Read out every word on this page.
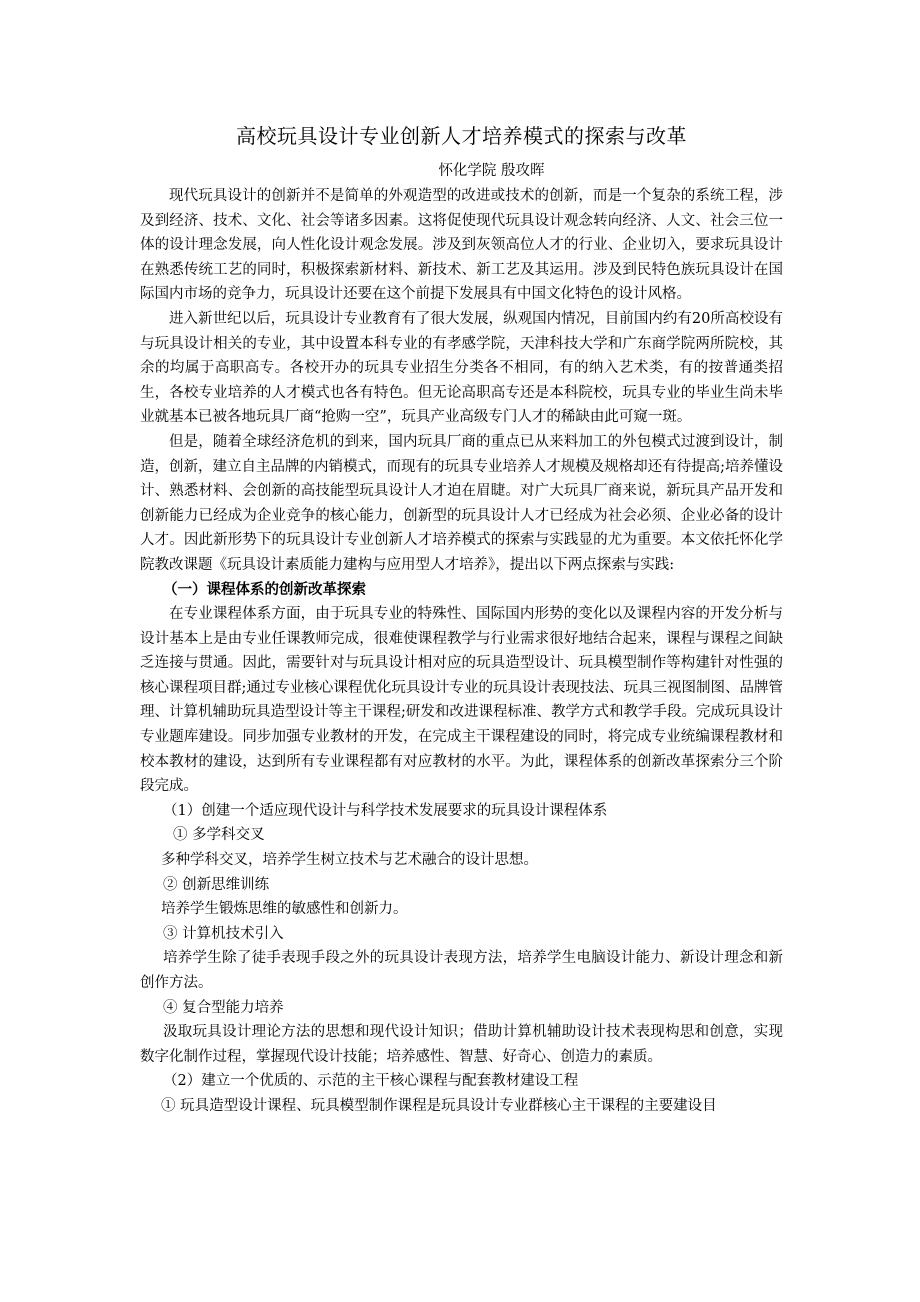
高校玩具设计专业创新人才培养模式的探索与改革
怀化学院 殷攻晖

现代玩具设计的创新并不是简单的外观造型的改进或技术的创新，而是一个复杂的系统工程，涉及到经济、技术、文化、社会等诸多因素。这将促使现代玩具设计观念转向经济、人文、社会三位一体的设计理念发展，向人性化设计观念发展。涉及到灰领高位人才的行业、企业切入，要求玩具设计在熟悉传统工艺的同时，积极探索新材料、新技术、新工艺及其运用。涉及到民特色族玩具设计在国际国内市场的竞争力，玩具设计还要在这个前提下发展具有中国文化特色的设计风格。

进入新世纪以后，玩具设计专业教育有了很大发展，纵观国内情况，目前国内约有20所高校设有与玩具设计相关的专业，其中设置本科专业的有孝感学院，天津科技大学和广东商学院两所院校，其余的均属于高职高专。各校开办的玩具专业招生分类各不相同，有的纳入艺术类，有的按普通类招生，各校专业培养的人才模式也各有特色。但无论高职高专还是本科院校，玩具专业的毕业生尚未毕业就基本已被各地玩具厂商“抢购一空”，玩具产业高级专门人才的稀缺由此可窥一斑。

但是，随着全球经济危机的到来，国内玩具厂商的重点已从来料加工的外包模式过渡到设计，制造，创新，建立自主品牌的内销模式，而现有的玩具专业培养人才规模及规格却还有待提高;培养懂设计、熟悉材料、会创新的高技能型玩具设计人才迫在眉睫。对广大玩具厂商来说，新玩具产品开发和创新能力已经成为企业竞争的核心能力，创新型的玩具设计人才已经成为社会必须、企业必备的设计人才。因此新形势下的玩具设计专业创新人才培养模式的探索与实践显的尤为重要。本文依托怀化学院教改课题《玩具设计素质能力建构与应用型人才培养》，提出以下两点探索与实践:

（一）课程体系的创新改革探索

在专业课程体系方面，由于玩具专业的特殊性、国际国内形势的变化以及课程内容的开发分析与设计基本上是由专业任课教师完成，很难使课程教学与行业需求很好地结合起来，课程与课程之间缺乏连接与贯通。因此，需要针对与玩具设计相对应的玩具造型设计、玩具模型制作等构建针对性强的核心课程项目群;通过专业核心课程优化玩具设计专业的玩具设计表现技法、玩具三视图制图、品牌管理、计算机辅助玩具造型设计等主干课程;研发和改进课程标准、教学方式和教学手段。完成玩具设计专业题库建设。同步加强专业教材的开发，在完成主干课程建设的同时，将完成专业统编课程教材和校本教材的建设，达到所有专业课程都有对应教材的水平。为此，课程体系的创新改革探索分三个阶段完成。

（1）创建一个适应现代设计与科学技术发展要求的玩具设计课程体系

① 多学科交叉

多种学科交叉，培养学生树立技术与艺术融合的设计思想。

② 创新思维训练

培养学生锻炼思维的敏感性和创新力。

③ 计算机技术引入

培养学生除了徒手表现手段之外的玩具设计表现方法，培养学生电脑设计能力、新设计理念和新创作方法。

④ 复合型能力培养

汲取玩具设计理论方法的思想和现代设计知识；借助计算机辅助设计技术表现构思和创意，实现数字化制作过程，掌握现代设计技能；培养感性、智慧、好奇心、创造力的素质。

（2）建立一个优质的、示范的主干核心课程与配套教材建设工程

① 玩具造型设计课程、玩具模型制作课程是玩具设计专业群核心主干课程的主要建设目
